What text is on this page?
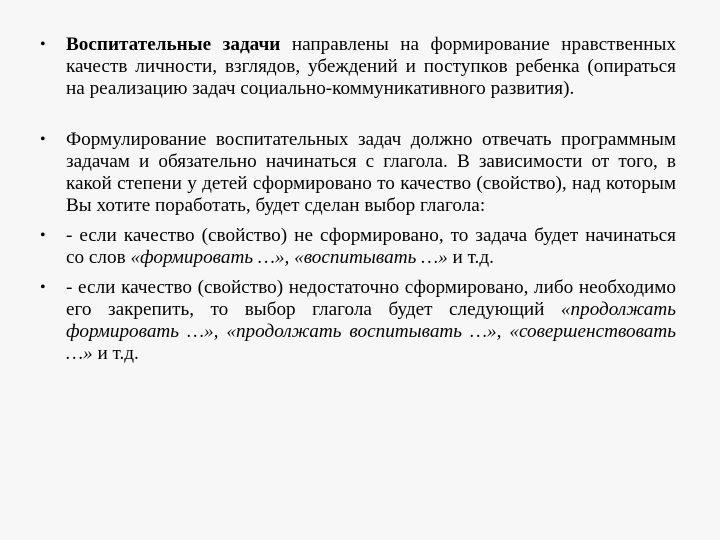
• Воспитательные задачи направлены на формирование нравственных качеств личности, взглядов, убеждений и поступков ребенка (опираться на реализацию задач социально-коммуникативного развития).
• Формулирование воспитательных задач должно отвечать программным задачам и обязательно начинаться с глагола. В зависимости от того, в какой степени у детей сформировано то качество (свойство), над которым Вы хотите поработать, будет сделан выбор глагола:
• - если качество (свойство) не сформировано, то задача будет начинаться со слов «формировать …», «воспитывать …» и т.д.
• - если качество (свойство) недостаточно сформировано, либо необходимо его закрепить, то выбор глагола будет следующий «продолжать формировать …», «продолжать воспитывать …», «совершенствовать …» и т.д.
